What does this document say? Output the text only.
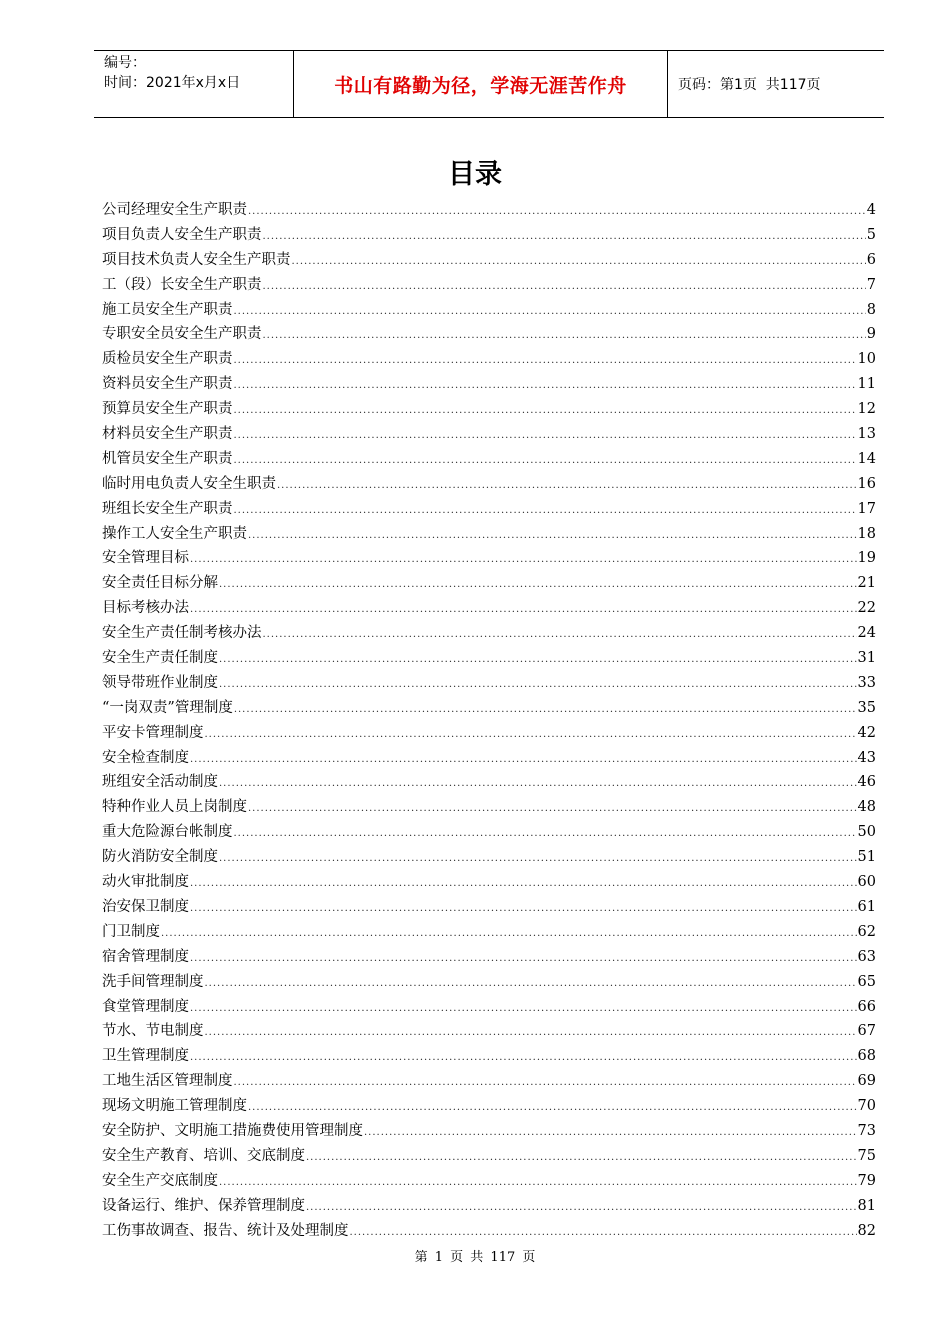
编号：
时间：2021年x月x日	书山有路勤为径，学海无涯苦作舟	页码：第1页  共117页
目录
公司经理安全生产职责 .....	4
项目负责人安全生产职责 .....	5
项目技术负责人安全生产职责 .....	6
工（段）长安全生产职责 .....	7
施工员安全生产职责 .....	8
专职安全员安全生产职责 .....	9
质检员安全生产职责 .....	10
资料员安全生产职责 .....	11
预算员安全生产职责 .....	12
材料员安全生产职责 .....	13
机管员安全生产职责 .....	14
临时用电负责人安全生职责 .....	16
班组长安全生产职责 .....	17
操作工人安全生产职责 .....	18
安全管理目标 .....	19
安全责任目标分解 .....	21
目标考核办法 .....	22
安全生产责任制考核办法 .....	24
安全生产责任制度 .....	31
领导带班作业制度 .....	33
“一岗双责”管理制度 .....	35
平安卡管理制度 .....	42
安全检查制度 .....	43
班组安全活动制度 .....	46
特种作业人员上岗制度 .....	48
重大危险源台帐制度 .....	50
防火消防安全制度 .....	51
动火审批制度 .....	60
治安保卫制度 .....	61
门卫制度 .....	62
宿舍管理制度 .....	63
洗手间管理制度 .....	65
食堂管理制度 .....	66
节水、节电制度 .....	67
卫生管理制度 .....	68
工地生活区管理制度 .....	69
现场文明施工管理制度 .....	70
安全防护、文明施工措施费使用管理制度 .....	73
安全生产教育、培训、交底制度 .....	75
安全生产交底制度 .....	79
设备运行、维护、保养管理制度 .....	81
工伤事故调查、报告、统计及处理制度 .....	82
第 1 页 共 117 页
